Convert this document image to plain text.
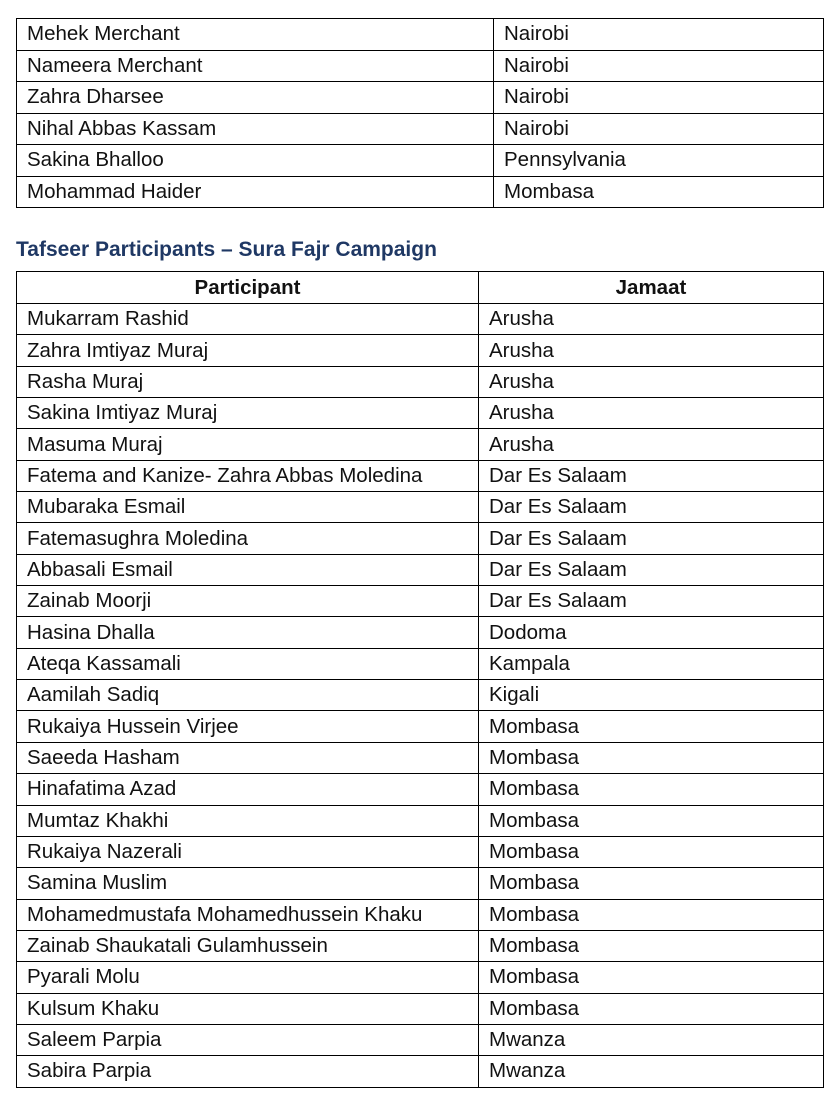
Mehek Merchant	Nairobi
Nameera Merchant	Nairobi
Zahra Dharsee	Nairobi
Nihal Abbas Kassam	Nairobi
Sakina Bhalloo	Pennsylvania
Mohammad Haider	Mombasa
Tafseer Participants – Sura Fajr Campaign
Participant	Jamaat
Mukarram Rashid	Arusha
Zahra Imtiyaz Muraj	Arusha
Rasha Muraj	Arusha
Sakina Imtiyaz Muraj	Arusha
Masuma Muraj	Arusha
Fatema and Kanize- Zahra Abbas Moledina	Dar Es Salaam
Mubaraka Esmail	Dar Es Salaam
Fatemasughra Moledina	Dar Es Salaam
Abbasali Esmail	Dar Es Salaam
Zainab Moorji	Dar Es Salaam
Hasina Dhalla	Dodoma
Ateqa Kassamali	Kampala
Aamilah Sadiq	Kigali
Rukaiya Hussein Virjee	Mombasa
Saeeda Hasham	Mombasa
Hinafatima Azad	Mombasa
Mumtaz Khakhi	Mombasa
Rukaiya Nazerali	Mombasa
Samina Muslim	Mombasa
Mohamedmustafa Mohamedhussein Khaku	Mombasa
Zainab Shaukatali Gulamhussein	Mombasa
Pyarali Molu	Mombasa
Kulsum Khaku	Mombasa
Saleem Parpia	Mwanza
Sabira Parpia	Mwanza
